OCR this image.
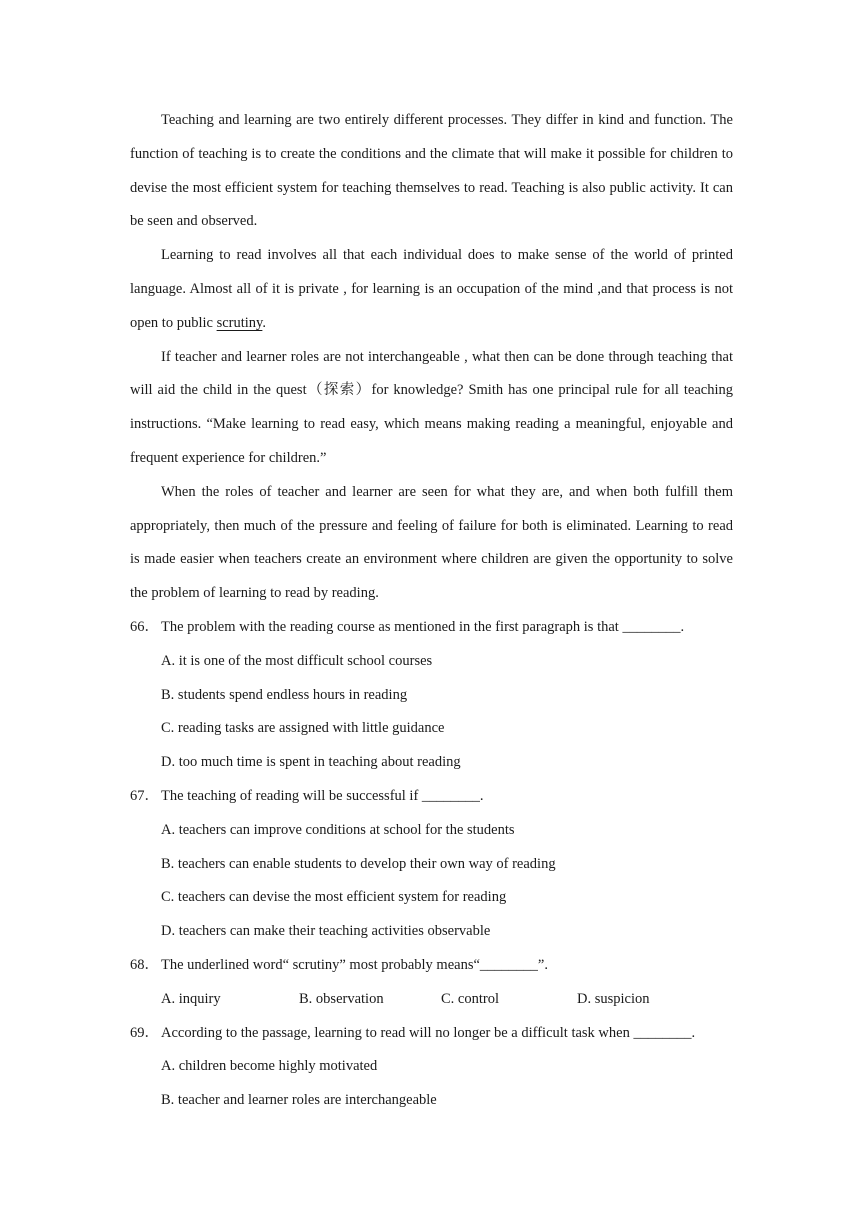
Teaching and learning are two entirely different processes. They differ in kind and function. The function of teaching is to create the conditions and the climate that will make it possible for children to devise the most efficient system for teaching themselves to read. Teaching is also public activity. It can be seen and observed.

Learning to read involves all that each individual does to make sense of the world of printed language. Almost all of it is private , for learning is an occupation of the mind ,and that process is not open to public scrutiny.

If teacher and learner roles are not interchangeable , what then can be done through teaching that will aid the child in the quest（探索）for knowledge? Smith has one principal rule for all teaching instructions. “Make learning to read easy, which means making reading a meaningful, enjoyable and frequent experience for children.”

When the roles of teacher and learner are seen for what they are, and when both fulfill them appropriately, then much of the pressure and feeling of failure for both is eliminated. Learning to read is made easier when teachers create an environment where children are given the opportunity to solve the problem of learning to read by reading.

66． The problem with the reading course as mentioned in the first paragraph is that ________.

A. it is one of the most difficult school courses

B. students spend endless hours in reading

C. reading tasks are assigned with little guidance

D. too much time is spent in teaching about reading

67． The teaching of reading will be successful if ________.

A. teachers can improve conditions at school for the students

B. teachers can enable students to develop their own way of reading

C. teachers can devise the most efficient system for reading

D. teachers can make their teaching activities observable

68． The underlined word“ scrutiny” most probably means“________”.

A. inquiry	B. observation	C. control	D. suspicion

69． According to the passage, learning to read will no longer be a difficult task when ________.

A. children become highly motivated

B. teacher and learner roles are interchangeable
